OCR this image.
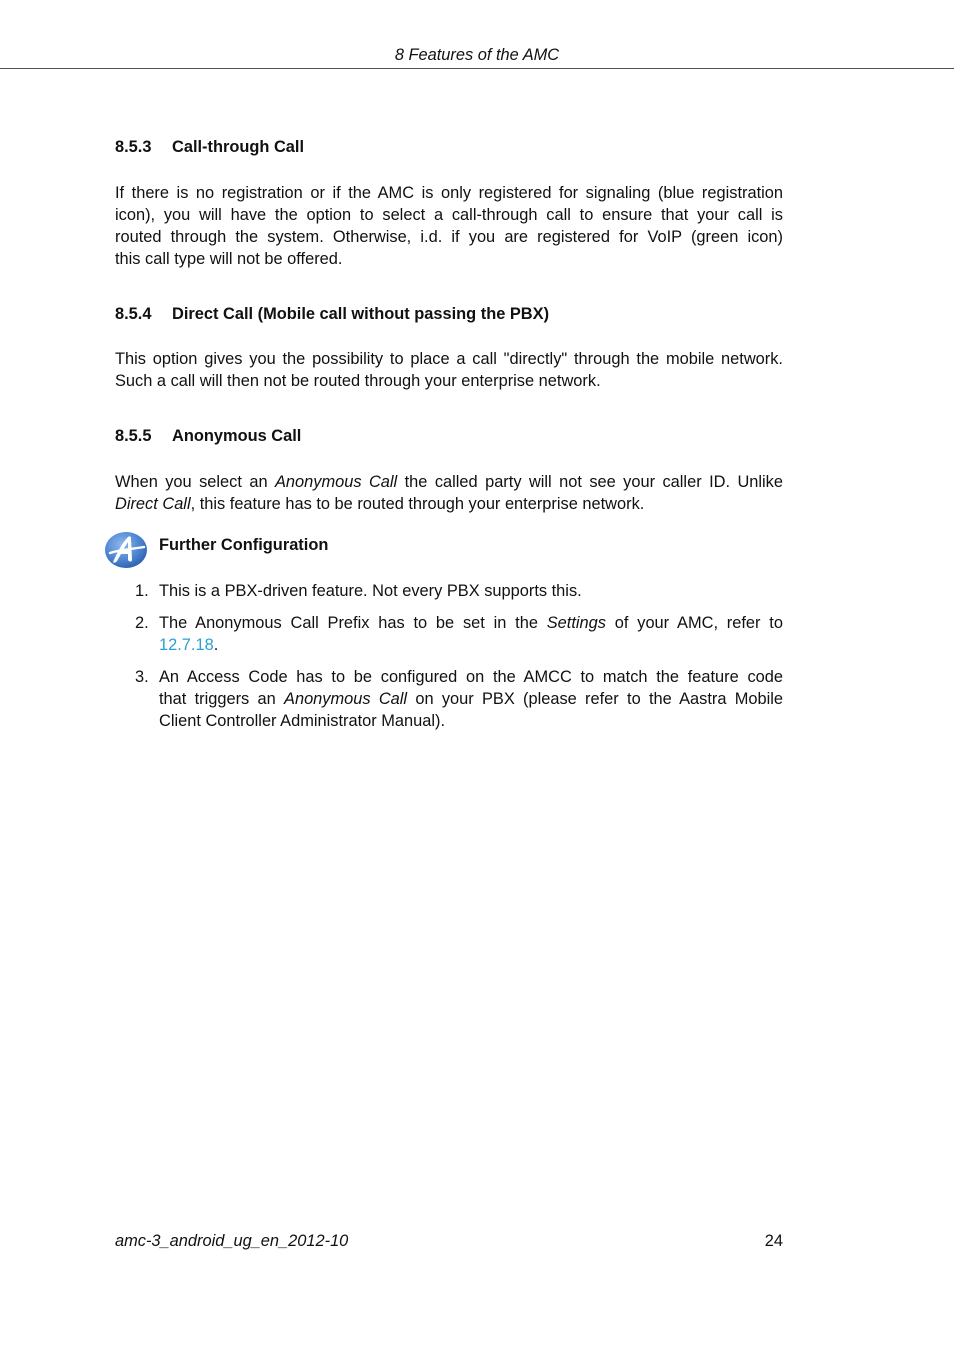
8 Features of the AMC
8.5.3 Call-through Call

If there is no registration or if the AMC is only registered for signaling (blue registration
icon), you will have the option to select a call-through call to ensure that your call is
routed through the system. Otherwise, i.d. if you are registered for VoIP (green icon)
this call type will not be offered.

8.5.4 Direct Call (Mobile call without passing the PBX)

This option gives you the possibility to place a call "directly" through the mobile network.
Such a call will then not be routed through your enterprise network.

8.5.5 Anonymous Call

When you select an Anonymous Call the called party will not see your caller ID. Unlike
Direct Call, this feature has to be routed through your enterprise network.

Further Configuration
1. This is a PBX-driven feature. Not every PBX supports this.
2. The Anonymous Call Prefix has to be set in the Settings of your AMC, refer to
12.7.18.
3. An Access Code has to be configured on the AMCC to match the feature code
that triggers an Anonymous Call on your PBX (please refer to the Aastra Mobile
Client Controller Administrator Manual).
amc-3_android_ug_en_2012-10	24
